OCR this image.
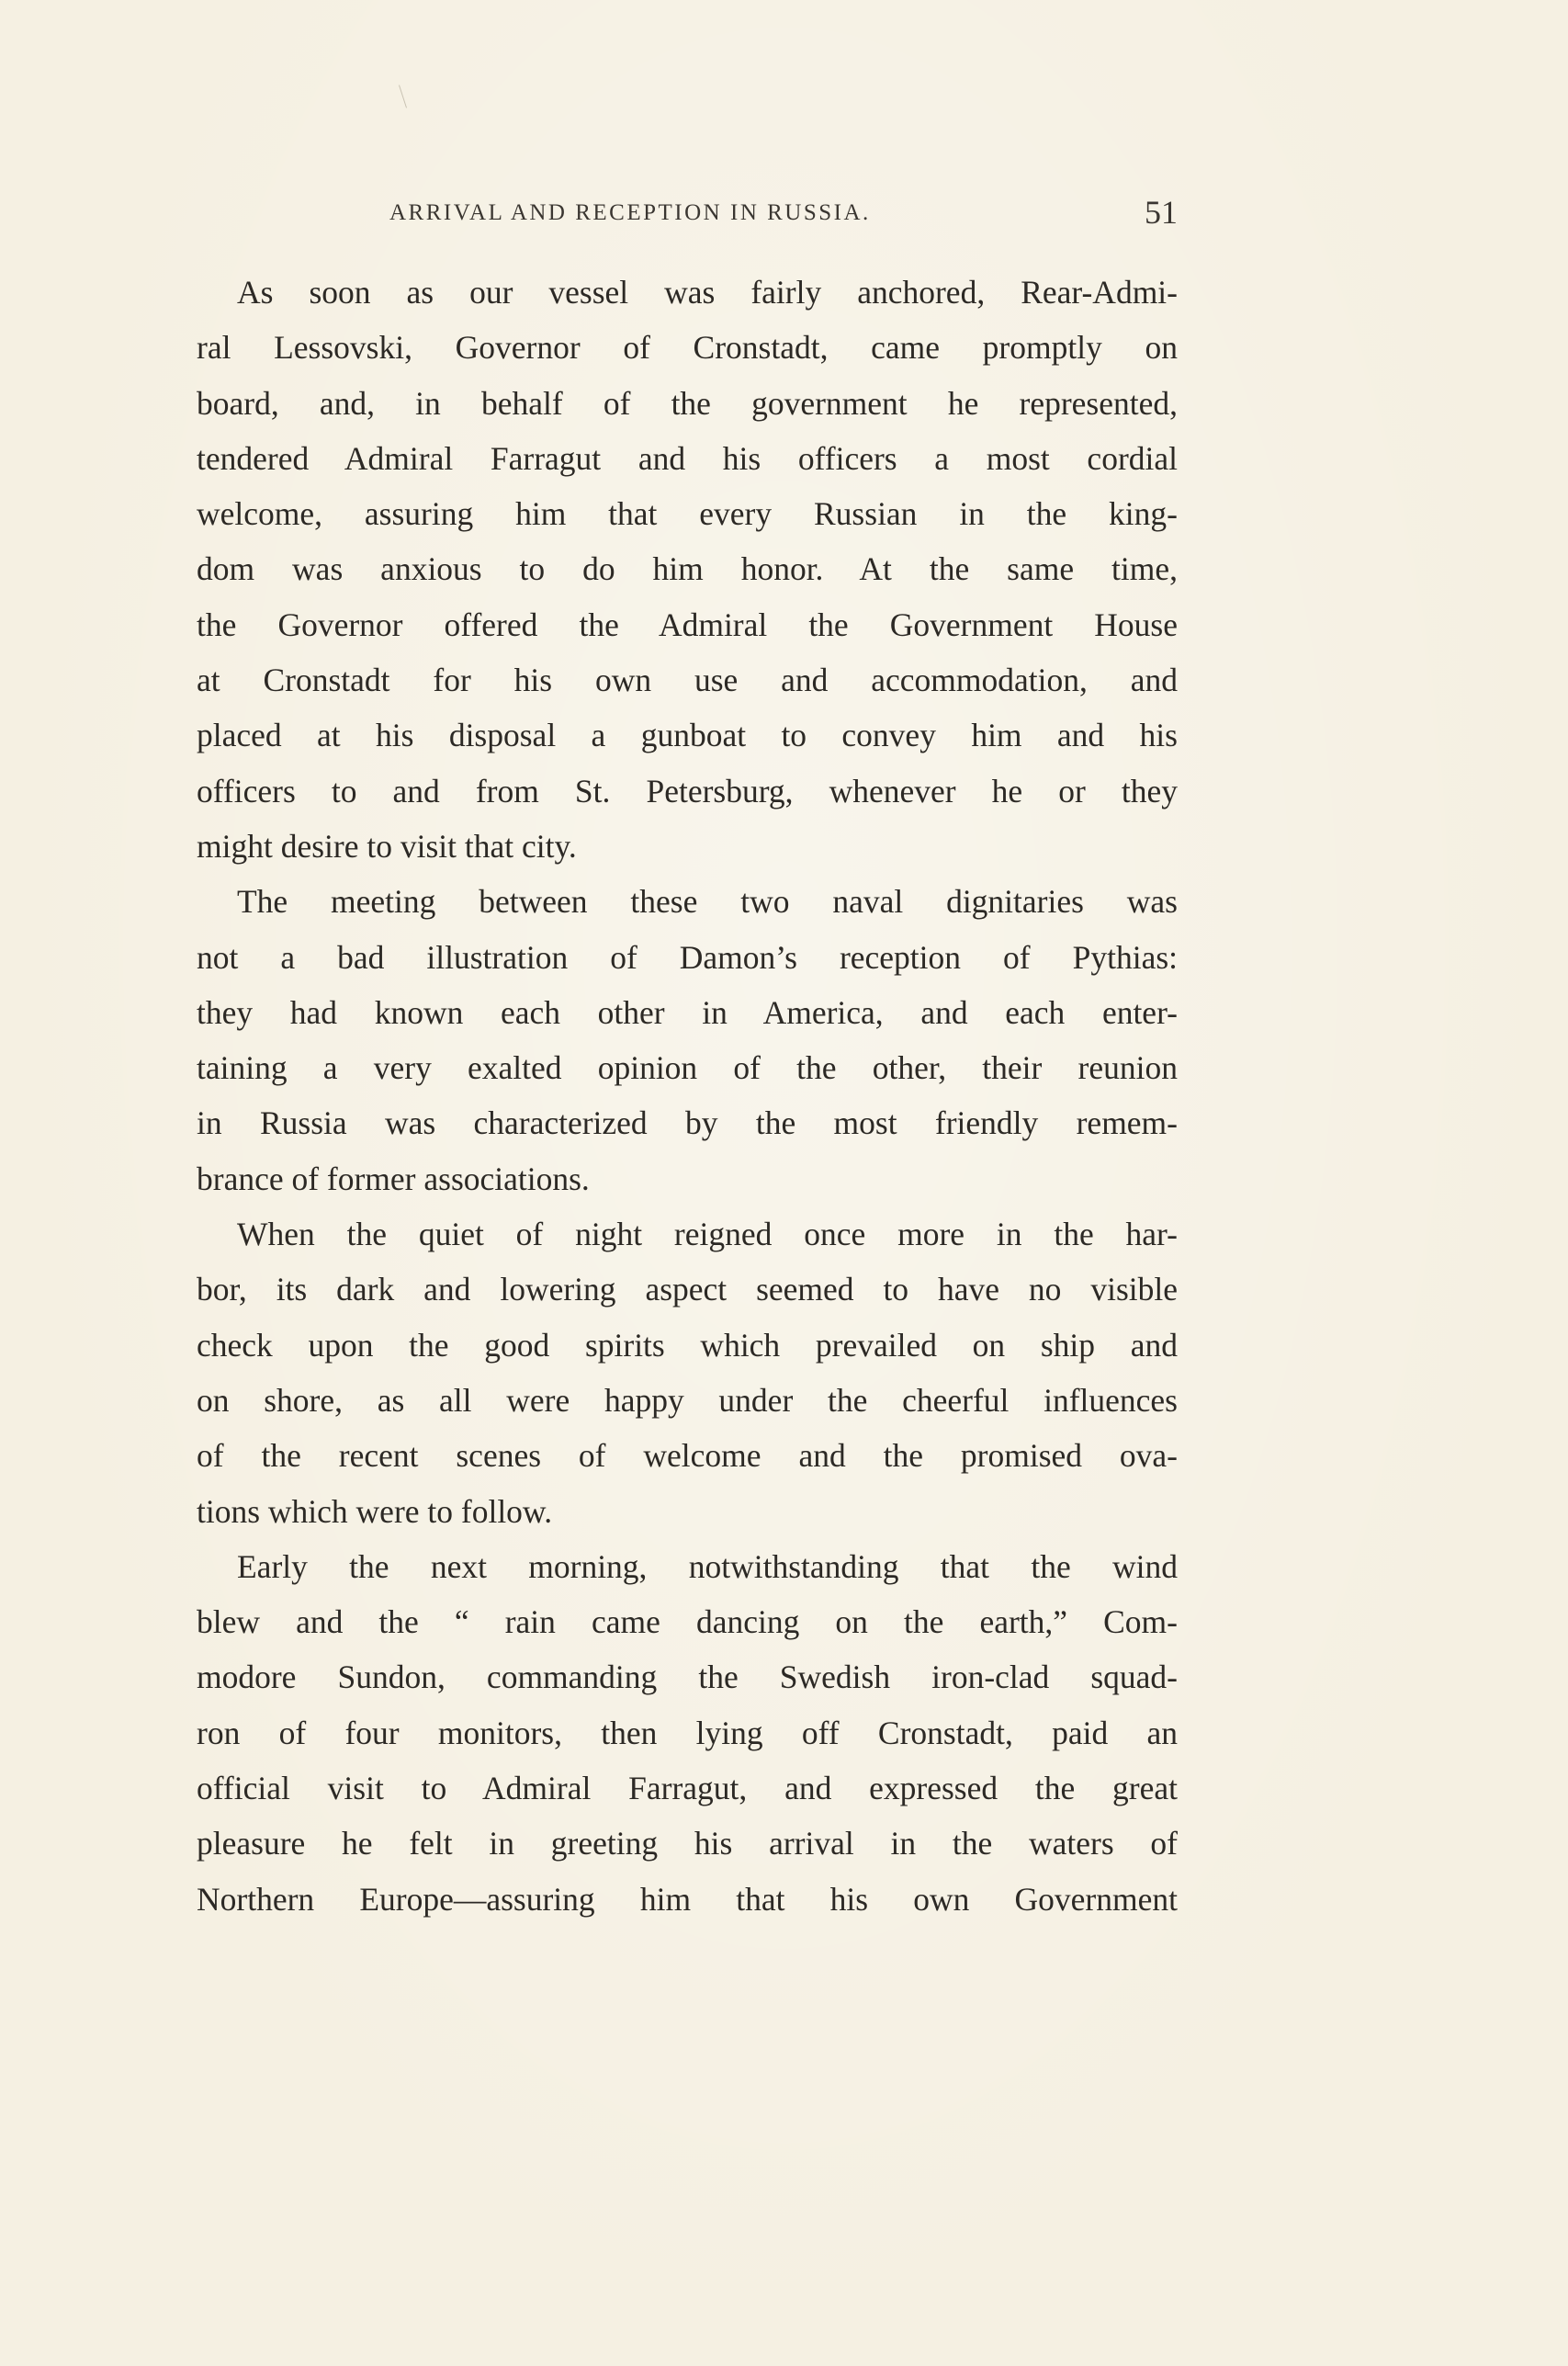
ARRIVAL AND RECEPTION IN RUSSIA.	51
As soon as our vessel was fairly anchored, Rear-Admi-
ral Lessovski, Governor of Cronstadt, came promptly on
board, and, in behalf of the government he represented,
tendered Admiral Farragut and his officers a most cordial
welcome, assuring him that every Russian in the king-
dom was anxious to do him honor. At the same time,
the Governor offered the Admiral the Government House
at Cronstadt for his own use and accommodation, and
placed at his disposal a gunboat to convey him and his
officers to and from St. Petersburg, whenever he or they
might desire to visit that city.
The meeting between these two naval dignitaries was
not a bad illustration of Damon’s reception of Pythias:
they had known each other in America, and each enter-
taining a very exalted opinion of the other, their reunion
in Russia was characterized by the most friendly remem-
brance of former associations.
When the quiet of night reigned once more in the har-
bor, its dark and lowering aspect seemed to have no visible
check upon the good spirits which prevailed on ship and
on shore, as all were happy under the cheerful influences
of the recent scenes of welcome and the promised ova-
tions which were to follow.
Early the next morning, notwithstanding that the wind
blew and the “ rain came dancing on the earth,” Com-
modore Sundon, commanding the Swedish iron-clad squad-
ron of four monitors, then lying off Cronstadt, paid an
official visit to Admiral Farragut, and expressed the great
pleasure he felt in greeting his arrival in the waters of
Northern Europe—assuring him that his own Government
